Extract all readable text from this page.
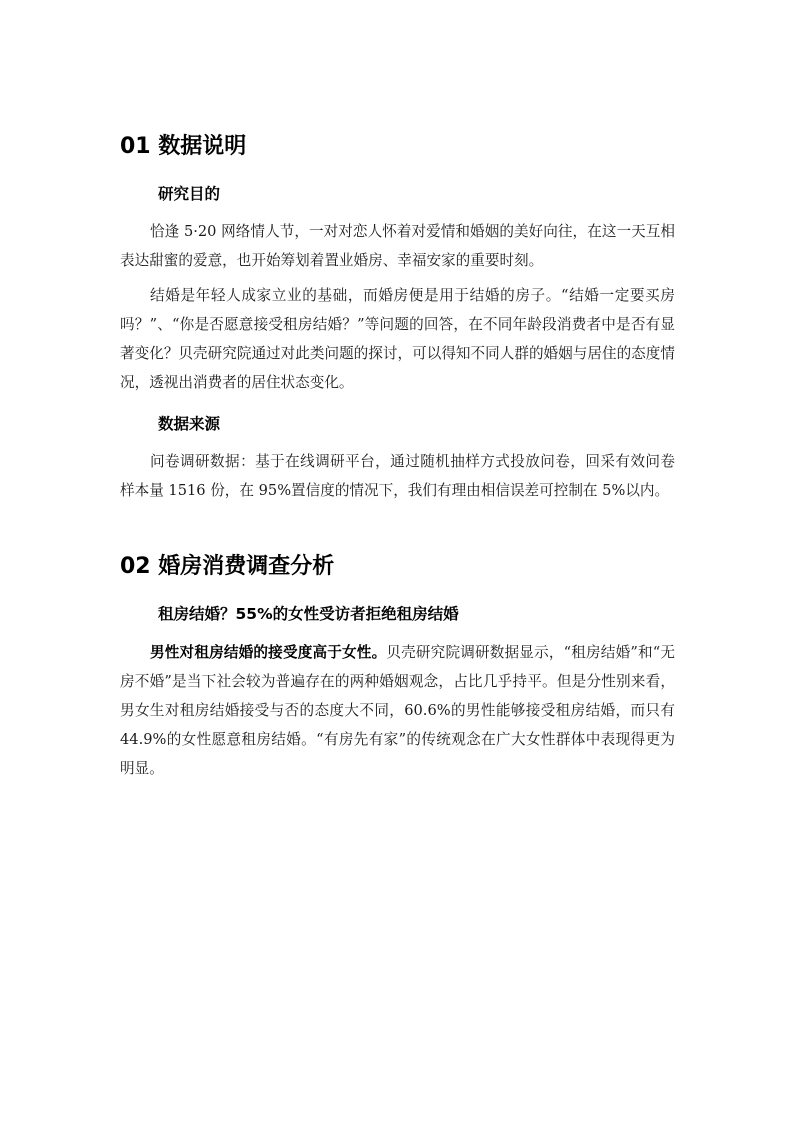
01 数据说明
研究目的
恰逢 5·20 网络情人节，一对对恋人怀着对爱情和婚姻的美好向往，在这一天互相表达甜蜜的爱意，也开始筹划着置业婚房、幸福安家的重要时刻。
结婚是年轻人成家立业的基础，而婚房便是用于结婚的房子。“结婚一定要买房吗？”、“你是否愿意接受租房结婚？”等问题的回答，在不同年龄段消费者中是否有显著变化？贝壳研究院通过对此类问题的探讨，可以得知不同人群的婚姻与居住的态度情况，透视出消费者的居住状态变化。
数据来源
问卷调研数据：基于在线调研平台，通过随机抽样方式投放问卷，回采有效问卷样本量 1516 份，在 95%置信度的情况下，我们有理由相信误差可控制在 5%以内。
02 婚房消费调查分析
租房结婚？55%的女性受访者拒绝租房结婚
男性对租房结婚的接受度高于女性。贝壳研究院调研数据显示，“租房结婚”和“无房不婚”是当下社会较为普遍存在的两种婚姻观念，占比几乎持平。但是分性别来看，男女生对租房结婚接受与否的态度大不同，60.6%的男性能够接受租房结婚，而只有 44.9%的女性愿意租房结婚。“有房先有家”的传统观念在广大女性群体中表现得更为明显。
